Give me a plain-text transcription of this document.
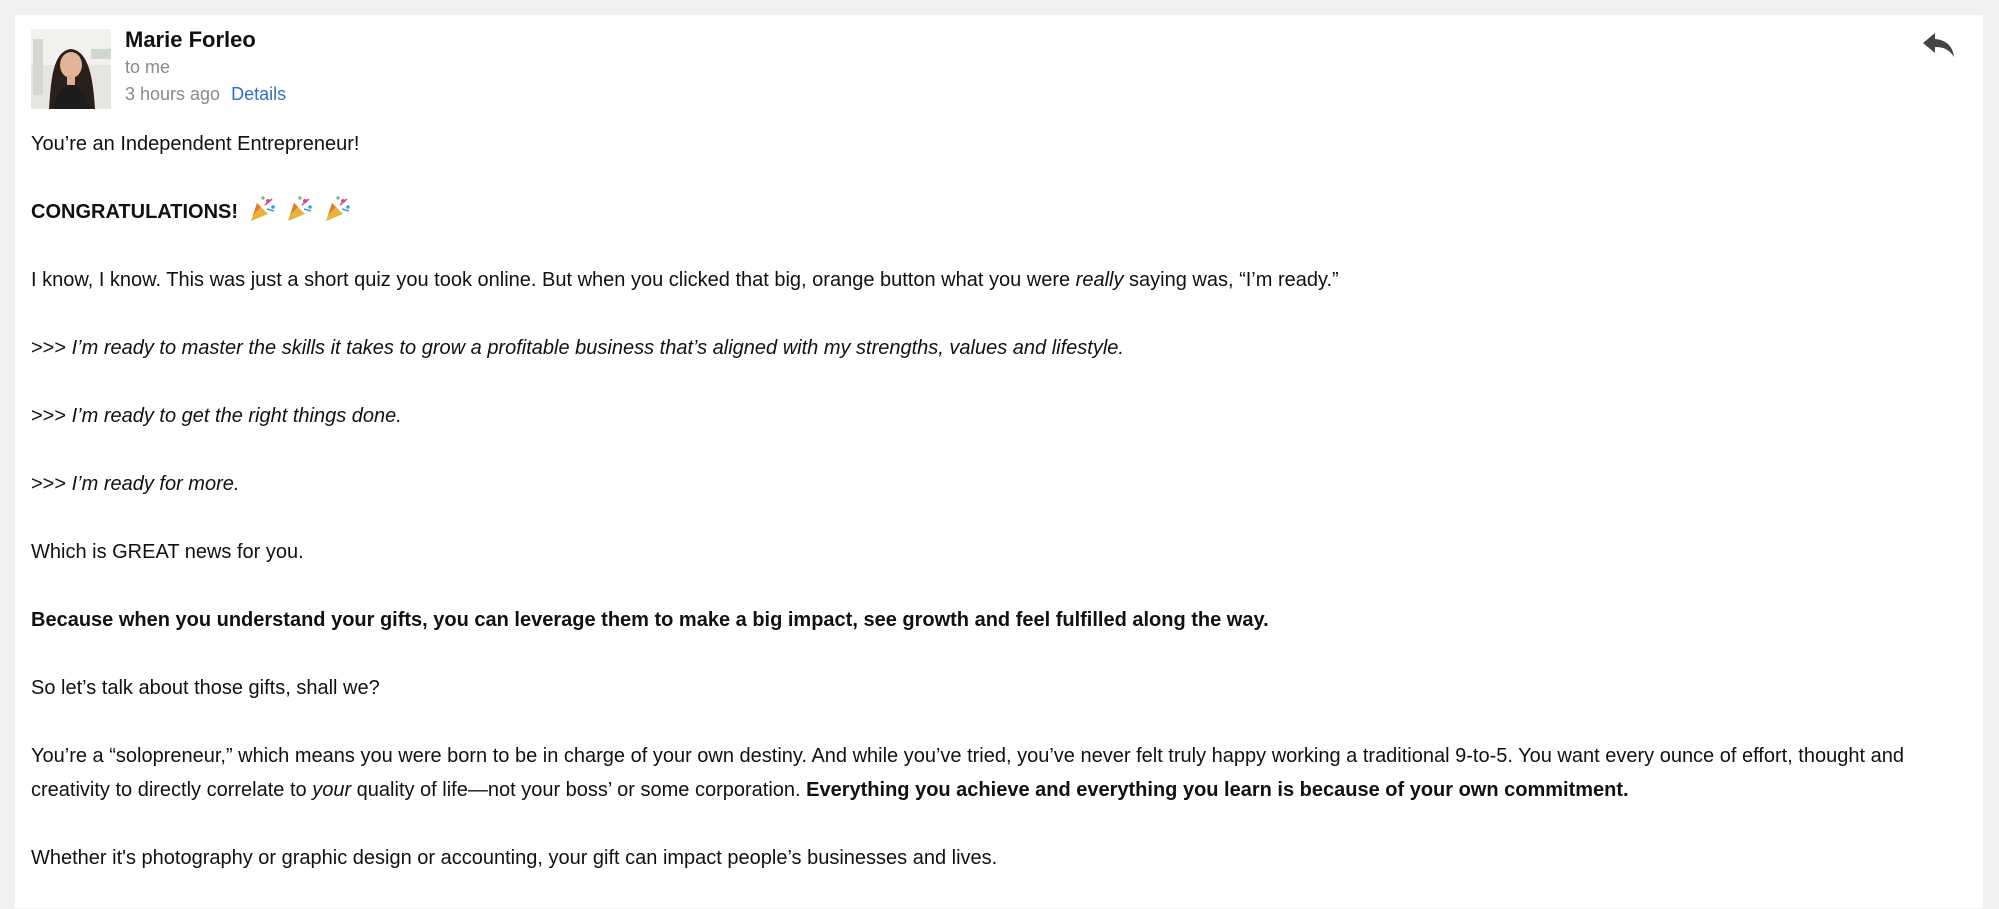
Marie Forleo
to me
3 hours ago Details

You’re an Independent Entrepreneur!

CONGRATULATIONS!

I know, I know. This was just a short quiz you took online. But when you clicked that big, orange button what you were really saying was, “I’m ready.”

>>> I’m ready to master the skills it takes to grow a profitable business that’s aligned with my strengths, values and lifestyle.

>>> I’m ready to get the right things done.

>>> I’m ready for more.

Which is GREAT news for you.

Because when you understand your gifts, you can leverage them to make a big impact, see growth and feel fulfilled along the way.

So let’s talk about those gifts, shall we?

You’re a “solopreneur,” which means you were born to be in charge of your own destiny. And while you’ve tried, you’ve never felt truly happy working a traditional 9-to-5. You want every ounce of effort, thought and creativity to directly correlate to your quality of life—not your boss’ or some corporation. Everything you achieve and everything you learn is because of your own commitment.

Whether it's photography or graphic design or accounting, your gift can impact people’s businesses and lives.
